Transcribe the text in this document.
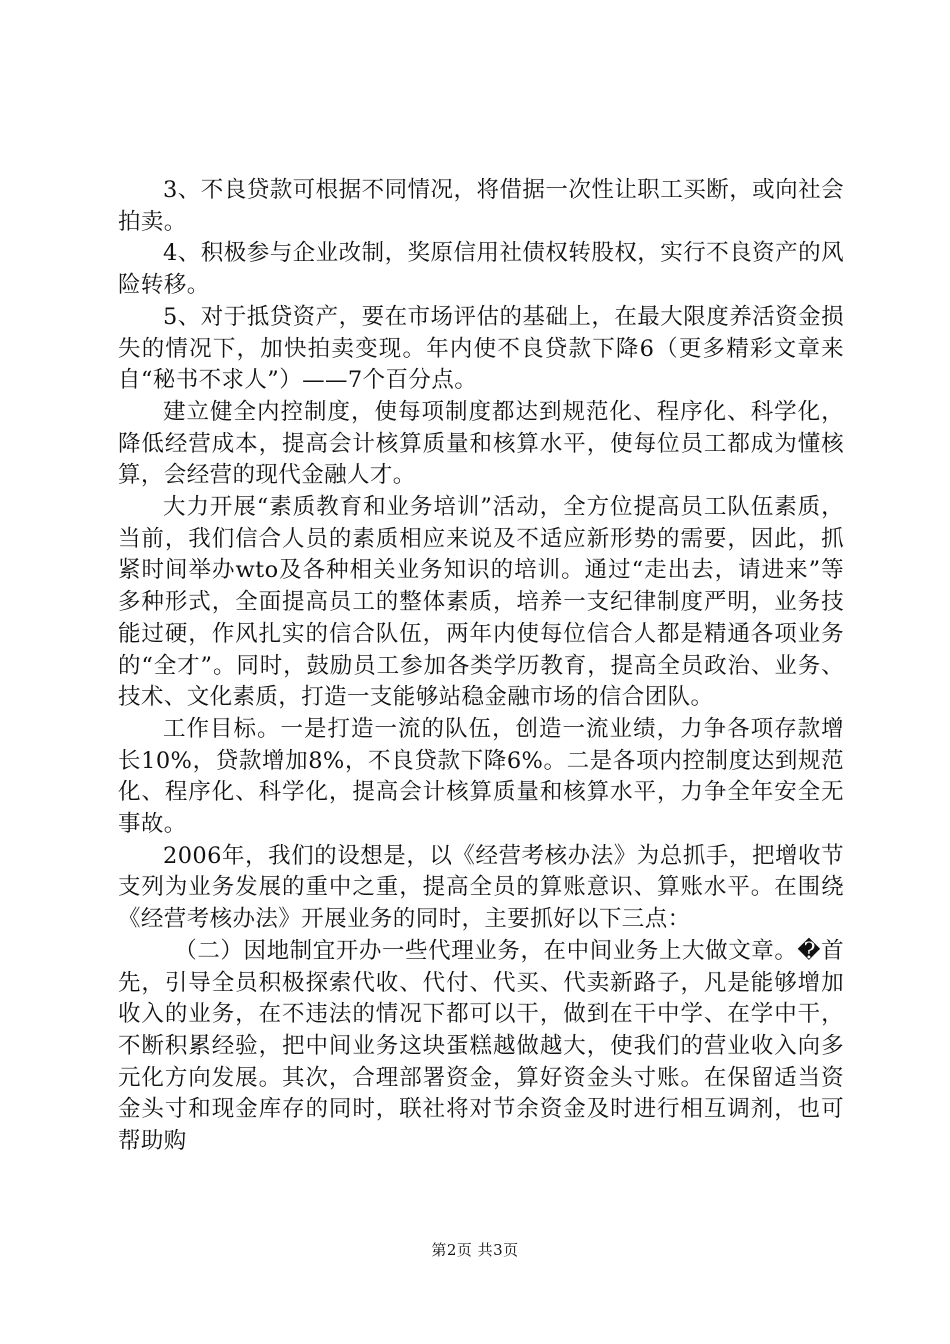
3、不良贷款可根据不同情况，将借据一次性让职工买断，或向社会拍卖。

4、积极参与企业改制，奖原信用社债权转股权，实行不良资产的风险转移。

5、对于抵贷资产，要在市场评估的基础上，在最大限度养活资金损失的情况下，加快拍卖变现。年内使不良贷款下降6（更多精彩文章来自“秘书不求人”）——7个百分点。

建立健全内控制度，使每项制度都达到规范化、程序化、科学化，降低经营成本，提高会计核算质量和核算水平，使每位员工都成为懂核算，会经营的现代金融人才。

大力开展“素质教育和业务培训”活动，全方位提高员工队伍素质，当前，我们信合人员的素质相应来说及不适应新形势的需要，因此，抓紧时间举办wto及各种相关业务知识的培训。通过“走出去，请进来”等多种形式，全面提高员工的整体素质，培养一支纪律制度严明，业务技能过硬，作风扎实的信合队伍，两年内使每位信合人都是精通各项业务的“全才”。同时，鼓励员工参加各类学历教育，提高全员政治、业务、技术、文化素质，打造一支能够站稳金融市场的信合团队。

工作目标。一是打造一流的队伍，创造一流业绩，力争各项存款增长10%，贷款增加8%，不良贷款下降6%。二是各项内控制度达到规范化、程序化、科学化，提高会计核算质量和核算水平，力争全年安全无事故。

2006年，我们的设想是，以《经营考核办法》为总抓手，把增收节支列为业务发展的重中之重，提高全员的算账意识、算账水平。在围绕《经营考核办法》开展业务的同时，主要抓好以下三点：

（二）因地制宜开办一些代理业务，在中间业务上大做文章。�首先，引导全员积极探索代收、代付、代买、代卖新路子，凡是能够增加收入的业务，在不违法的情况下都可以干，做到在干中学、在学中干，不断积累经验，把中间业务这块蛋糕越做越大，使我们的营业收入向多元化方向发展。其次，合理部署资金，算好资金头寸账。在保留适当资金头寸和现金库存的同时，联社将对节余资金及时进行相互调剂，也可帮助购

第2页 共3页
